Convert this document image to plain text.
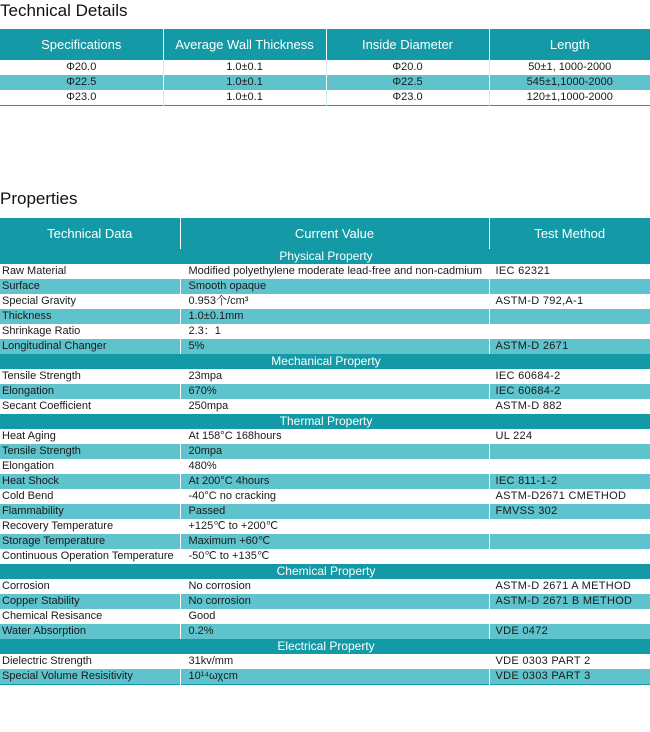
Technical Details
Specifications	Average Wall Thickness	Inside Diameter	Length
Φ20.0	1.0±0.1	Φ20.0	50±1, 1000-2000
Φ22.5	1.0±0.1	Φ22.5	545±1,1000-2000
Φ23.0	1.0±0.1	Φ23.0	120±1,1000-2000
Properties
Technical Data	Current Value	Test Method
Physical Property		
Raw Material	Modified polyethylene moderate lead-free and non-cadmium	IEC 62321
Surface	Smooth opaque	
Special Gravity	0.953个/cm³	ASTM-D 792,A-1
Thickness	1.0±0.1mm	
Shrinkage Ratio	2.3：1	
Longitudinal Changer	5%	ASTM-D 2671
Mechanical Property		
Tensile Strength	23mpa	IEC 60684-2
Elongation	670%	IEC 60684-2
Secant Coefficient	250mpa	ASTM-D 882
Thermal Property		
Heat Aging	At 158°C 168hours	UL 224
Tensile Strength	20mpa	
Elongation	480%	
Heat Shock	At 200°C 4hours	IEC 811-1-2
Cold Bend	-40°C no cracking	ASTM-D2671 CMETHOD
Flammability	Passed	FMVSS 302
Recovery Temperature	+125℃ to +200℃	
Storage Temperature	Maximum +60℃	
Continuous Operation Temperature	-50℃ to +135℃	
Chemical Property		
Corrosion	No corrosion	ASTM-D 2671 A METHOD
Copper Stability	No corrosion	ASTM-D 2671 B METHOD
Chemical Resisance	Good	
Water Absorption	0.2%	VDE 0472
Electrical Property		
Dielectric Strength	31kv/mm	VDE 0303 PART 2
Special Volume Resisitivity	10¹⁴ωχcm	VDE 0303 PART 3
